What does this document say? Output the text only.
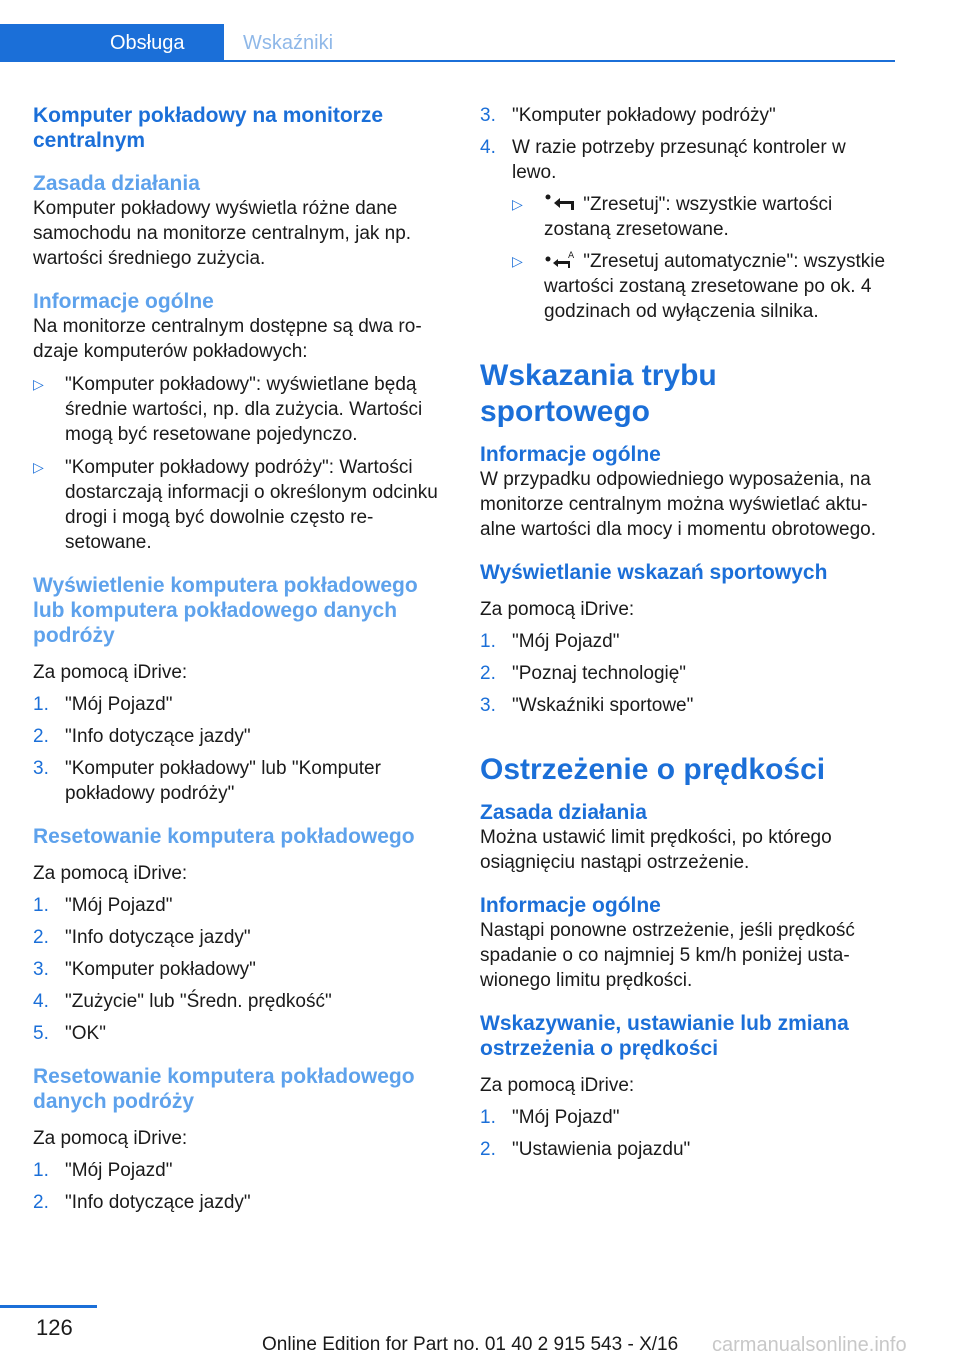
Obsługa	Wskaźniki
Komputer pokładowy na monitorze centralnym
Zasada działania

Komputer pokładowy wyświetla różne dane samochodu na monitorze centralnym, jak np. wartości średniego zużycia.

Informacje ogólne

Na monitorze centralnym dostępne są dwa rodzaje komputerów pokładowych:

▷ "Komputer pokładowy": wyświetlane będą średnie wartości, np. dla zużycia. Wartości mogą być resetowane pojedynczo.
▷ "Komputer pokładowy podróży": Wartości dostarczają informacji o określonym odcinku drogi i mogą być dowolnie często resetowane.
Wyświetlenie komputera pokładowego lub komputera pokładowego danych podróży

Za pomocą iDrive:

1. "Mój Pojazd"
2. "Info dotyczące jazdy"
3. "Komputer pokładowy" lub "Komputer pokładowy podróży"
Resetowanie komputera pokładowego

Za pomocą iDrive:

1. "Mój Pojazd"
2. "Info dotyczące jazdy"
3. "Komputer pokładowy"
4. "Zużycie" lub "Średn. prędkość"
5. "OK"
Resetowanie komputera pokładowego danych podróży

Za pomocą iDrive:

1. "Mój Pojazd"
2. "Info dotyczące jazdy"
3. "Komputer pokładowy podróży"
4. W razie potrzeby przesunąć kontroler w lewo.
▷	"Zresetuj": wszystkie wartości zostaną zresetowane.
▷	A "Zresetuj automatycznie": wszystkie wartości zostaną zresetowane po ok. 4 godzinach od wyłączenia silnika.
Wskazania trybu sportowego
Informacje ogólne

W przypadku odpowiedniego wyposażenia, na monitorze centralnym można wyświetlać aktualne wartości dla mocy i momentu obrotowego.

Wyświetlanie wskazań sportowych

Za pomocą iDrive:

1. "Mój Pojazd"
2. "Poznaj technologię"
3. "Wskaźniki sportowe"
Ostrzeżenie o prędkości
Zasada działania

Można ustawić limit prędkości, po którego osiągnięciu nastąpi ostrzeżenie.

Informacje ogólne

Nastąpi ponowne ostrzeżenie, jeśli prędkość spadanie o co najmniej 5 km/h poniżej ustawionego limitu prędkości.

Wskazywanie, ustawianie lub zmiana ostrzeżenia o prędkości

Za pomocą iDrive:

1. "Mój Pojazd"
2. "Ustawienia pojazdu"
126
Online Edition for Part no. 01 40 2 915 543 - X/16 carmanualsonline.info
